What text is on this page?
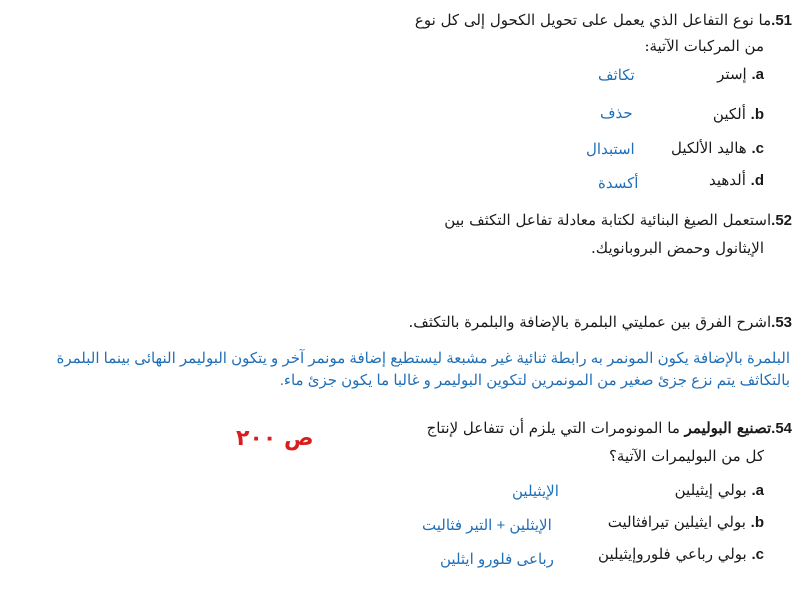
51.ما نوع التفاعل الذي يعمل على تحويل الكحول إلى كل نوع
من المركبات الآتية:
a. إستر
تكاثف
b. ألكين
حذف
c. هاليد الألكيل
استبدال
d. ألدهيد
أكسدة
52.استعمل الصيغ البنائية لكتابة معادلة تفاعل التكثف بين
الإيثانول وحمض البروبانويك.
53.اشرح الفرق بين عمليتي البلمرة بالإضافة والبلمرة بالتكثف.
البلمرة بالإضافة يكون المونمر به رابطة ثنائية غير مشبعة ليستطيع إضافة مونمر آخر و يتكون البوليمر النهائى بينما البلمرة
بالتكاثف يتم نزع جزئ صغير من المونمرين لتكوين البوليمر و غالبا ما يكون جزئ ماء.
54.تصنيع البوليمر ما المونومرات التي يلزم أن تتفاعل لإنتاج
كل من البوليمرات الآتية؟
ص ٢٠٠
a. بولي إيثيلين
الإيثيلين
b. بولي ايثيلين تيرافثاليت
الإيثلين + التير فثاليت
c. بولي رباعي فلوروإيثيلين
رباعى فلورو ايثلين
